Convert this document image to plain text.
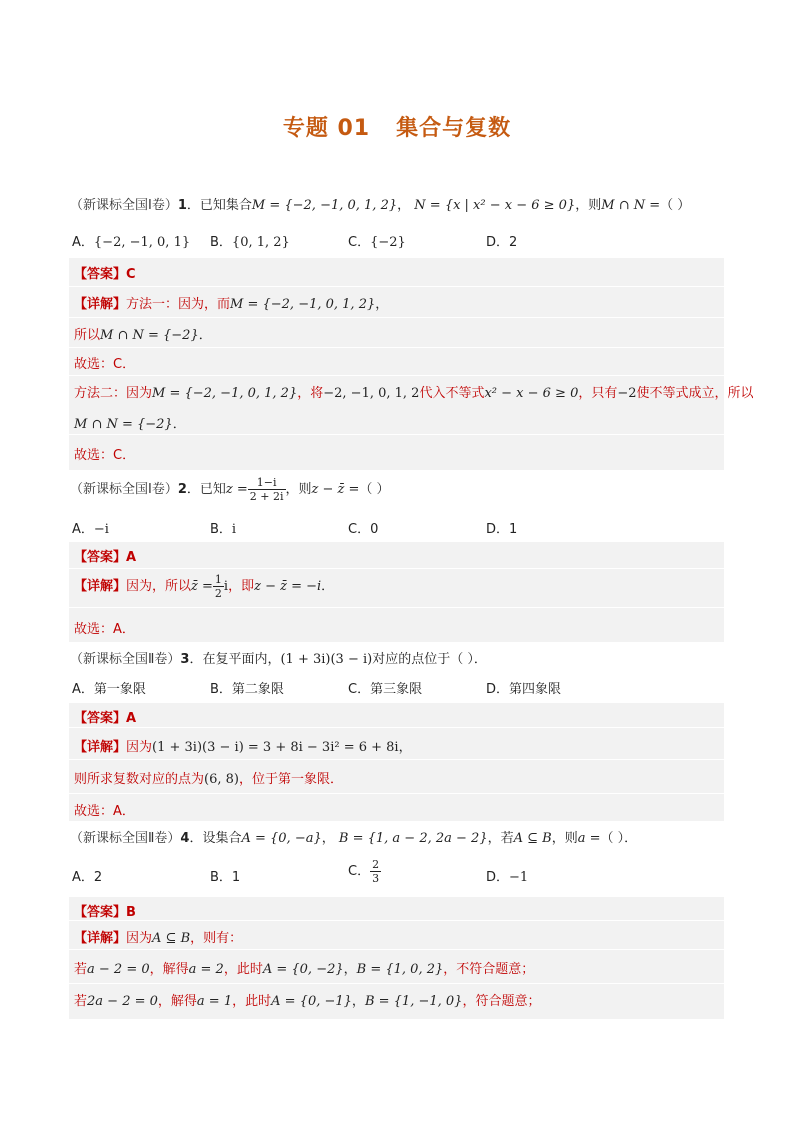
专题 01 集合与复数
（新课标全国Ⅰ卷）1．已知集合M = {−2, −1, 0, 1, 2}， N = {x | x² − x − 6 ≥ 0}，则M ∩ N =（ ）
A．{−2, −1, 0, 1} B．{0, 1, 2}	C．{−2}	D．2
【答案】C
【详解】方法一：因为，而M = {−2, −1, 0, 1, 2}，
所以M ∩ N = {−2}．
故选：C．
方法二：因为M = {−2, −1, 0, 1, 2}，将−2, −1, 0, 1, 2代入不等式x² − x − 6 ≥ 0，只有−2使不等式成立，所以
M ∩ N = {−2}．
故选：C．
（新课标全国Ⅰ卷）2．已知$z = \frac{1-i}{2 + 2i}$ ，则z − z̄ =（ ）
A．−i	B．i	C．0	D．1
【答案】A
【详解】因为，所以z̄ = $\frac{1}{2}$ i，即z − z̄ = −i．
故选：A．
（新课标全国Ⅱ卷）3．在复平面内，(1 + 3i)(3 − i)对应的点位于（ ）．
A．第一象限	B．第二象限	C．第三象限	D．第四象限
【答案】A
【详解】因为(1 + 3i)(3 − i) = 3 + 8i − 3i² = 6 + 8i，
则所求复数对应的点为(6, 8)，位于第一象限．
故选：A．
（新课标全国Ⅱ卷）4．设集合A = {0, −a}， B = {1, a − 2, 2a − 2}，若A ⊆ B，则a =（ ）．
A．2	B．1	C． $\frac{2}{3}$	D．−1
【答案】B
【详解】因为A ⊆ B，则有：
若a − 2 = 0，解得a = 2，此时A = {0, −2}，B = {1, 0, 2}，不符合题意；
若2a − 2 = 0，解得a = 1，此时A = {0, −1}，B = {1, −1, 0}，符合题意；
